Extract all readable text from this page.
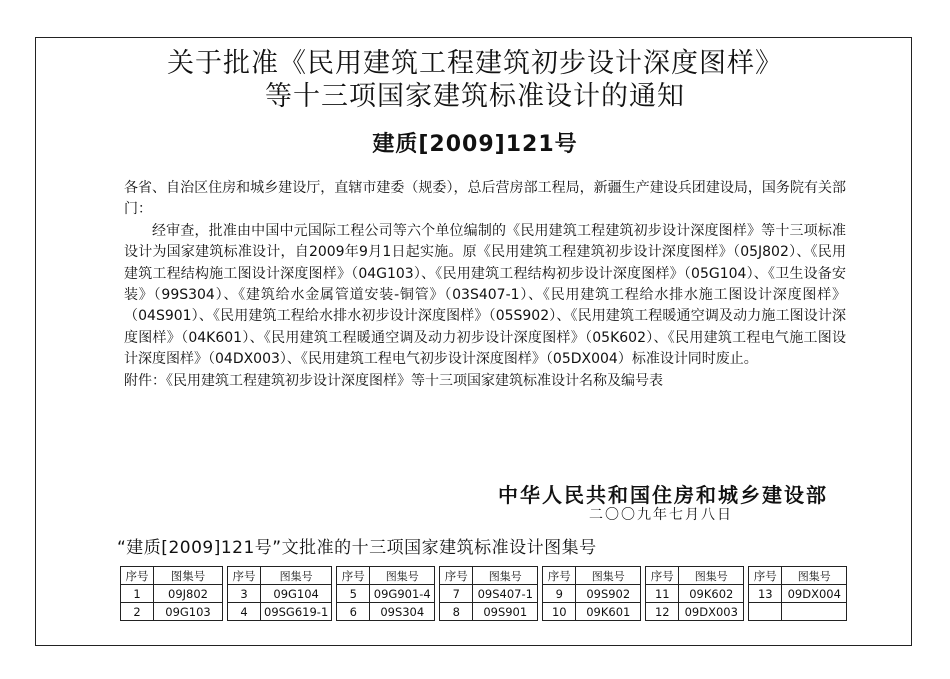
关于批准《民用建筑工程建筑初步设计深度图样》
等十三项国家建筑标准设计的通知
建质[2009]121号

各省、自治区住房和城乡建设厅，直辖市建委（规委），总后营房部工程局，新疆生产建设兵团建设局，国务院有关部门：

经审查，批准由中国中元国际工程公司等六个单位编制的《民用建筑工程建筑初步设计深度图样》等十三项标准设计为国家建筑标准设计，自2009年9月1日起实施。原《民用建筑工程建筑初步设计深度图样》（05J802）、《民用建筑工程结构施工图设计深度图样》（04G103）、《民用建筑工程结构初步设计深度图样》（05G104）、《卫生设备安装》（99S304）、《建筑给水金属管道安装-铜管》（03S407-1）、《民用建筑工程给水排水施工图设计深度图样》（04S901）、《民用建筑工程给水排水初步设计深度图样》（05S902）、《民用建筑工程暖通空调及动力施工图设计深度图样》（04K601）、《民用建筑工程暖通空调及动力初步设计深度图样》（05K602）、《民用建筑工程电气施工图设计深度图样》（04DX003）、《民用建筑工程电气初步设计深度图样》（05DX004）标准设计同时废止。

附件：《民用建筑工程建筑初步设计深度图样》等十三项国家建筑标准设计名称及编号表

中华人民共和国住房和城乡建设部
二〇〇九年七月八日
“建质[2009]121号”文批准的十三项国家建筑标准设计图集号
序号	图集号
1	09J802
2	09G103
序号	图集号
3	09G104
4	09SG619-1
序号	图集号
5	09G901-4
6	09S304
序号	图集号
7	09S407-1
8	09S901
序号	图集号
9	09S902
10	09K601
序号	图集号
11	09K602
12	09DX003
序号	图集号
13	09DX004
